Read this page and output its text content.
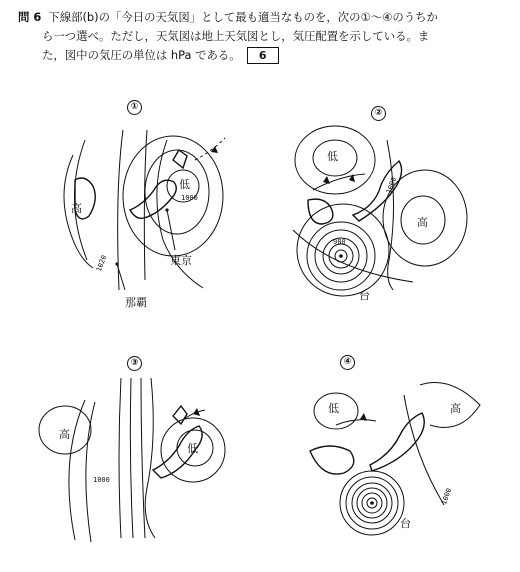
問 6 下線部(b)の「今日の天気図」として最も適当なものを，次の①～④のうちか
ら一つ選べ。ただし，天気図は地上天気図とし，気圧配置を示している。ま
た，図中の気圧の単位は hPa である。 6
①
低
1000
高
1020	東京
那覇
②
低
高
1000
980
台
③
高
低
1000
④
低	高
1000
台
